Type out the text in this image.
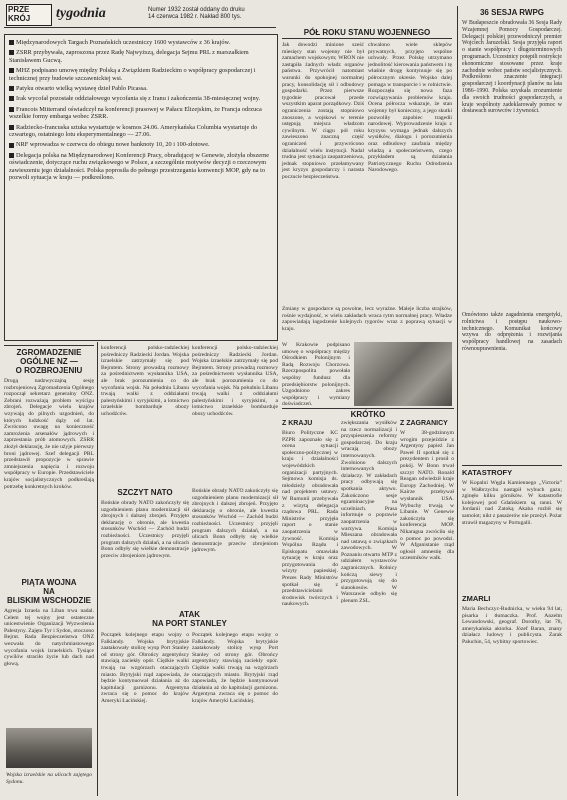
PRZE
KRÓJ tygodnia	Numer 1932 został oddany do druku
14 czerwca 1982 r. Nakład 800 tys.

Międzynarodowych Targach Poznańskich uczestniczy 1600 wystawców z 36 krajów.

ZSRR przybywała, zaproszona przez Radę Najwyższą, delegacja Sejmu PRL z marszałkiem Stanisławem Gucwą.

MHZ podpisano umowę między Polską a Związkiem Radzieckim o współpracy gospodarczej i technicznej przy budowie szczawnickiej wsi.

Patyku otwarto wielką wystawę dzieł Pablo Picassa.

Irak wycofał pozostałe oddziałowego wycofania się z Iranu i zakończenia 38-miesięcznej wojny.

Francois Mitterrand oświadczył na konferencji prasowej w Pałacu Elizejskim, że Francja odrzuca wszelkie formy embarga wobec ZSRR.

Radziecko-francuska sztuka wystartuje w kosmos 24.06. Amerykańska Columbia wystartuje do czwartego, ostatniego lotu eksperymentalnego — 27.06.

NRF wprowadza w czerwcu do obiegu nowe banknoty 10, 20 i 100-złotowe.

Delegacja polska na Międzynarodowej Konferencji Pracy, obradującej w Genewie, złożyła obszerne oświadczenie, dotyczące ruchu związkowego w Polsce, a szczególnie motywów decyzji o rzeczowym zawieszeniu jego działalności. Polska poprosiła do pełnego przestrzegania konwencji MOP, gdy na to pozwoli sytuacja w kraju — podkreślono.

PÓŁ ROKU STANU WOJENNEGO
Jak dowodzi minione sześć miesięcy stan wojenny nie był zamachem wojskowym; WRON nie zastąpiła żadnych władz organów państwa. Przywrócił natomiast warunki do spokojnej normalnej pracy, konsolidację sił i odbudowy gospodarki. Przez pierwsze tygodnie pracował przede wszystkim aparat porządkowy. Dziś ograniczenia zostają stopniowo znoszone, a wojskowi w terenie ustępują miejsca władzom cywilnym. W ciągu pół roku zawieszono znaczną część ograniczeń i przywrócono działalność wielu instytucji. Nadal trudna jest sytuacja zaopatrzeniowa, jednak stopniowo przełamywany jest kryzys gospodarczy i narasta poczucie bezpieczeństwa.
chwalono wiele sklepów prywatnych, przyjęto wspólne uchwały. Przez Polskę utrzymano jednolitość kierowania państwem i tę właśnie drogę kontynuuje się po półrocznym okresie. Wojsko dalej pomaga w transporcie i w rolnictwie. Rozpoczęła się nowa faza rozwiązywania problemów kraju. Ocena półrocza wskazuje, że stan wojenny był konieczny, a jego skutki pozwoliły zapobiec tragedii narodowej. Wyprowadzenie kraju z kryzysu wymaga jednak dalszych wysiłków, dialogu i porozumienia oraz odbudowy zaufania między władzą a społeczeństwem, czego przykładem są działania Patriotycznego Ruchu Odrodzenia Narodowego.
Zmiany w gospodarce są powolne, lecz wyraźne. Maleje liczba strajków, rośnie wydajność, w wielu zakładach wraca rytm normalnej pracy. Władze zapowiadają łagodzenie kolejnych rygorów wraz z poprawą sytuacji w kraju.
36 SESJA RWPG
W Budapeszcie obradowała 36 Sesja Rady Wzajemnej Pomocy Gospodarczej. Delegacji polskiej przewodniczył premier Wojciech Jaruzelski. Sesja przyjęła raport o stanie współpracy i długoterminowych programach. Uczestnicy potępili restrykcje ekonomiczne stosowane przez kraje zachodnie wobec państw socjalistycznych. Podkreślono znaczenie integracji gospodarczej i koordynacji planów na lata 1986–1990. Polska uzyskała zrozumienie dla swoich trudności gospodarczych, a kraje wspólnoty zadeklarowały pomoc w dostawach surowców i żywności.
Omówiono także zagadnienia energetyki, rolnictwa i postępu naukowo-technicznego. Komunikat końcowy wzywa do odprężenia i rozwijania współpracy handlowej na zasadach równouprawnienia.
ZGROMADZENIE
OGÓLNE NZ —
O ROZBROJENIU
Drugą nadzwyczajną sesję rozbrojeniową Zgromadzenia Ogólnego rozpoczął sekretarz generalny ONZ. Zebrani rozważają problem wyścigu zbrojeń. Delegacje wielu krajów wzywają do pilnych uzgodnień, do których ludzkość dąży od lat. Zwrócono uwagę na konieczność zamrożenia arsenałów jądrowych i zaprzestania prób atomowych. ZSRR złożył deklarację, że nie użyje pierwszy broni jądrowej. Szef delegacji PRL przedstawił propozycje w sprawie zmniejszenia napięcia i rozwoju współpracy w Europie. Przedstawiciele krajów socjalistycznych podkreślają potrzebę konkretnych kroków.
PIĄTA WOJNA
NA
BLISKIM WSCHODZIE
Agresja Izraela na Liban trwa nadal. Celem tej wojny jest ostateczne unicestwienie Organizacji Wyzwolenia Palestyny. Zajęto Tyr i Sydon, otoczono Bejrut. Rada Bezpieczeństwa ONZ wezwała do natychmiastowego wycofania wojsk izraelskich. Tysiące cywilów straciło życie lub dach nad głową.
Wojska izraelskie na ulicach zajętego Sydonu.
konferencji polsko-radzieckiej pośredniczy Radziecki Jordan. Wojska izraelskie zatrzymały się pod Bejrutem. Strony prowadzą rozmowy za pośrednictwem wysłannika USA, ale brak porozumienia co do wycofania wojsk. Na południu Libanu trwają walki z oddziałami palestyńskimi i syryjskimi, a lotnictwo izraelskie bombarduje obozy uchodźców.
konferencji polsko-radzieckiej pośredniczy Radziecki Jordan. Wojska izraelskie zatrzymały się pod Bejrutem. Strony prowadzą rozmowy za pośrednictwem wysłannika USA, ale brak porozumienia co do wycofania wojsk. Na południu Libanu trwają walki z oddziałami palestyńskimi i syryjskimi, a lotnictwo izraelskie bombarduje obozy uchodźców.
SZCZYT NATO
Bońskie obrady NATO zakończyły się uzgodnieniem planu modernizacji sił zbrojnych i dalszej zbrojeń. Przyjęto deklarację o obronie, ale kwestia stosunków Wschód — Zachód budzi rozbieżności. Uczestnicy przyjęli program dalszych działań, a na ulicach Bonn odbyły się wielkie demonstracje przeciw zbrojeniom jądrowym.
Bońskie obrady NATO zakończyły się uzgodnieniem planu modernizacji sił zbrojnych i dalszej zbrojeń. Przyjęto deklarację o obronie, ale kwestia stosunków Wschód — Zachód budzi rozbieżności. Uczestnicy przyjęli program dalszych działań, a na ulicach Bonn odbyły się wielkie demonstracje przeciw zbrojeniom jądrowym.
ATAK
NA PORT STANLEY
Początek kolejnego etapu wojny o Falklandy. Wojska brytyjskie zaatakowały stolicę wysp Port Stanley od strony gór. Obrońcy argentyńscy stawiają zaciekły opór. Ciężkie walki trwają na wzgórzach otaczających miasto. Brytyjski rząd zapowiada, że będzie kontynuował działania aż do kapitulacji garnizonu. Argentyna zwraca się o pomoc do krajów Ameryki Łacińskiej.
Początek kolejnego etapu wojny o Falklandy. Wojska brytyjskie zaatakowały stolicę wysp Port Stanley od strony gór. Obrońcy argentyńscy stawiają zaciekły opór. Ciężkie walki trwają na wzgórzach otaczających miasto. Brytyjski rząd zapowiada, że będzie kontynuował działania aż do kapitulacji garnizonu. Argentyna zwraca się o pomoc do krajów Ameryki Łacińskiej.
W Krakowie podpisano umowę o współpracy między Ośrodkiem Polonijnym i Radą Rozwoju Chorzowa. Rzeczpospolita powołała wspólny fundusz dla przedsiębiorstw polonijnych. Uzgodniono zakres współpracy i wymiany doświadczeń.
KRÓTKO
Z KRAJU
Biuro Polityczne KC PZPR zapoznało się z ocena sytuacji społeczno-politycznej w kraju i działalności wojewódzkich organizacji partyjnych. Sejmowa komisja ds. młodzieży obradowała nad projektem ustawy. W Rumunii przebywała z wizytą delegacja rządowa PRL. Rada Ministrów przyjęła raport o stanie zaopatrzenia w żywność. Komisja Wspólna Rządu i Episkopatu omawiała sytuację w kraju oraz przygotowania do wizyty papieskiej. Prezes Rady Ministrów spotkał się z przedstawicielami środowisk twórczych i naukowych.
zwiększania wysiłków na rzecz normalizacji i przyspieszenia reformy gospodarczej. Do kraju wracają obozy internowanych. Zwolniono dalszych internowanych działaczy. W zakładach pracy odbywają się spotkania aktywu. Zakończono sesje egzaminacyjne na uczelniach. Prasa informuje o poprawie zaopatrzenia w warzywa. Komisja Mieszana obradowała nad ustawą o związkach zawodowych. W Poznaniu otwarto MTP z udziałem wystawców zagranicznych. Rolnicy kończą siewy i przygotowują się do sianokosów. W Warszawie odbyło się plenum ZSL.
Z ZAGRANICY
W 38-godzinnym wrogim przejeździe z Argentyny papież Jan Paweł II spotkał się z prezydentem i prosił o pokój. W Bonn trwał szczyt NATO. Ronald Reagan odwiedził kraje Europy Zachodniej. W Kairze przebywał wysłannik USA. Wybuchy trwają w Libanie. W Genewie zakończyła się konferencja MOP. Nikaragua zwróciła się o pomoc po powodzi. W Afganistanie rząd ogłosił amnestię dla uczestników walk.
KATASTROFY
W Kopalni Węgla Kamiennego „Victoria” w Wałbrzychu nastąpił wybuch gazu; zginęło kilku górników. W katastrofie kolejowej pod Gdańskiem są ranni. W Jordanii nad Zatoką Akaba rozbił się samolot; nikt z pasażerów nie przeżył. Pożar strawił magazyny w Portugalii.
ZMARLI
Maria Bechczyc-Rudnicka, w wieku 94 lat, pisarka i tłumaczka. Prof. Anzelm Lewandowski, geograf. Dorothy, lat 78, amerykańska aktorka. Józef Baran, znany działacz ludowy i publicysta. Zarak Pałuchin, 54, wybitny sportowiec.
